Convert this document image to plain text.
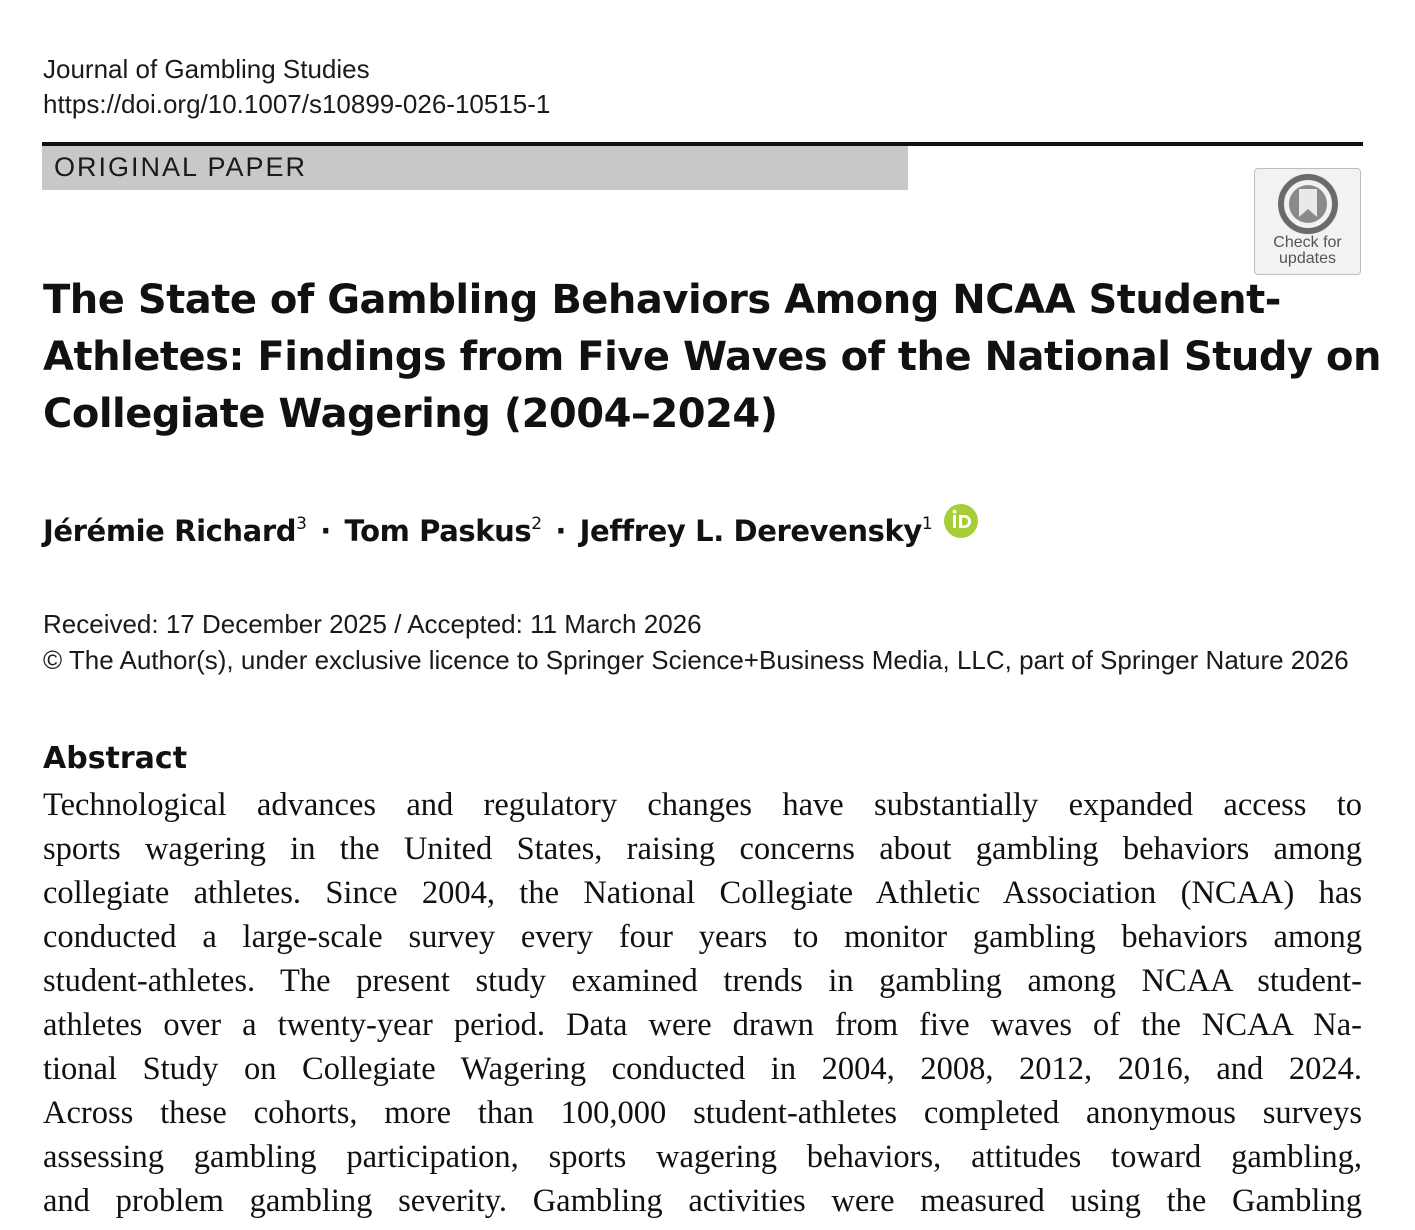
Journal of Gambling Studies
https://doi.org/10.1007/s10899-026-10515-1
ORIGINAL PAPER
Check for
updates
The State of Gambling Behaviors Among NCAA Student-
Athletes: Findings from Five Waves of the National Study on
Collegiate Wagering (2004–2024)
Jérémie Richard$^3$ · Tom Paskus$^2$ · Jeffrey L. Derevensky$^1$
Received: 17 December 2025 / Accepted: 11 March 2026
© The Author(s), under exclusive licence to Springer Science+Business Media, LLC, part of Springer Nature 2026
Abstract
Technological advances and regulatory changes have substantially expanded access to
sports wagering in the United States, raising concerns about gambling behaviors among
collegiate athletes. Since 2004, the National Collegiate Athletic Association (NCAA) has
conducted a large-scale survey every four years to monitor gambling behaviors among
student-athletes. The present study examined trends in gambling among NCAA student-
athletes over a twenty-year period. Data were drawn from five waves of the NCAA Na-
tional Study on Collegiate Wagering conducted in 2004, 2008, 2012, 2016, and 2024.
Across these cohorts, more than 100,000 student-athletes completed anonymous surveys
assessing gambling participation, sports wagering behaviors, attitudes toward gambling,
and problem gambling severity. Gambling activities were measured using the Gambling
